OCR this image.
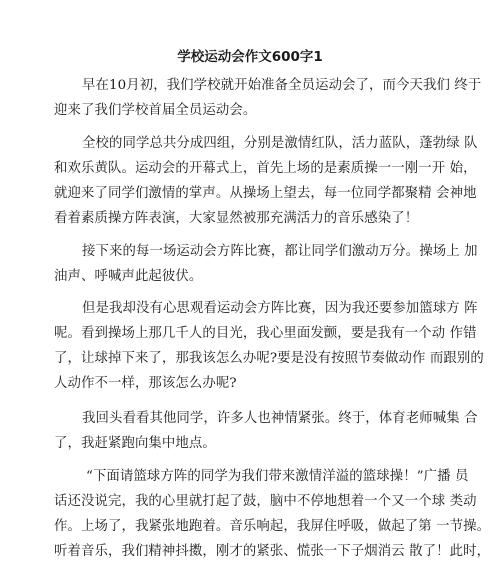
学校运动会作文600字1
早在10月初，我们学校就开始准备全员运动会了，而今天我们 终于
迎来了我们学校首届全员运动会。
全校的同学总共分成四组，分别是激情红队，活力蓝队，蓬勃绿 队
和欢乐黄队。运动会的开幕式上，首先上场的是素质操一一刚一开 始，
就迎来了同学们激情的掌声。从操场上望去，每一位同学都聚精 会神地
看着素质操方阵表演，大家显然被那充满活力的音乐感染了！
接下来的每一场运动会方阵比赛，都让同学们激动万分。操场上 加
油声、呼喊声此起彼伏。
但是我却没有心思观看运动会方阵比赛，因为我还要参加篮球方 阵
呢。看到操场上那几千人的目光，我心里面发颤，要是我有一个动 作错
了，让球掉下来了，那我该怎么办呢?要是没有按照节奏做动作 而跟别的
人动作不一样，那该怎么办呢?
我回头看看其他同学，许多人也神情紧张。终于，体育老师喊集 合
了，我赶紧跑向集中地点。
“下面请篮球方阵的同学为我们带来激情洋溢的篮球操！”广播 员
话还没说完，我的心里就打起了鼓，脑中不停地想着一个又一个球 类动
作。上场了，我紧张地跑着。音乐响起，我屏住呼吸，做起了第 一节操。
听着音乐，我们精神抖擞，刚才的紧张、慌张一下子烟消云 散了！此时，
